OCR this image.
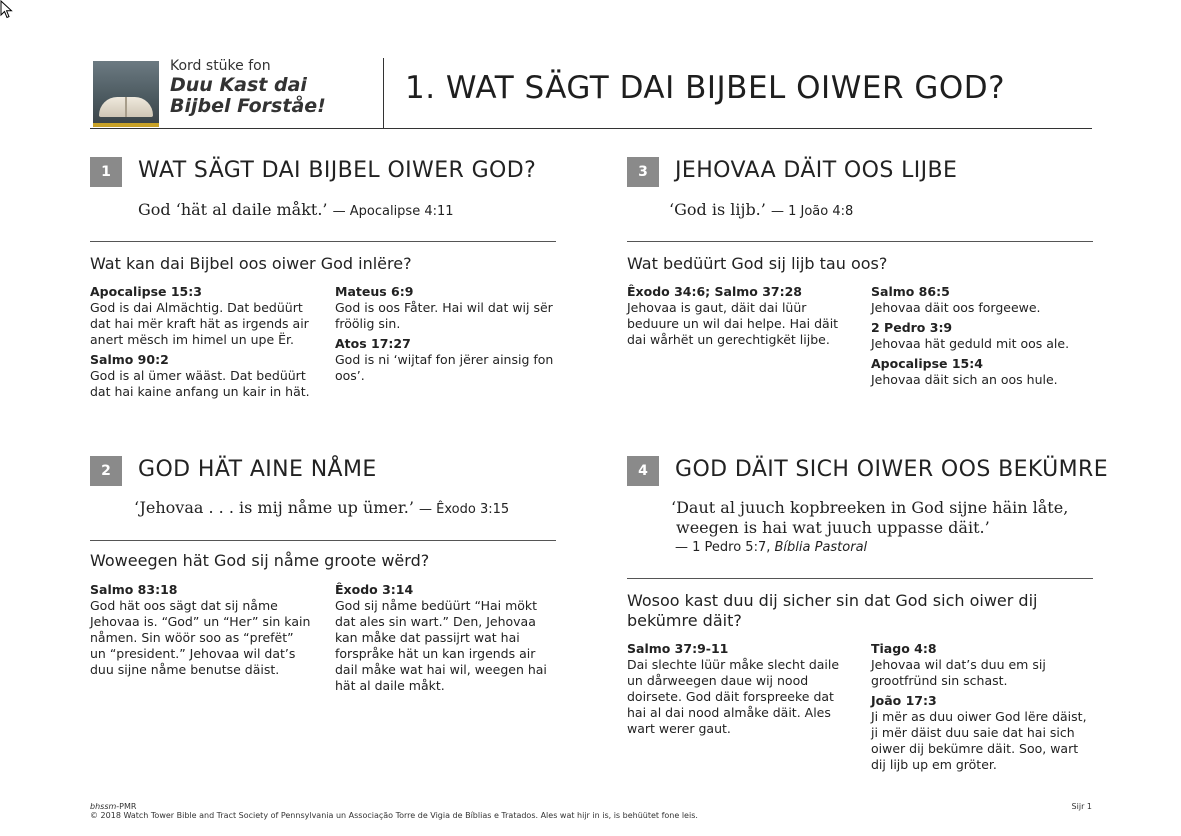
Kord stüke fon
Duu Kast dai Bijbel Forståe!	1. WAT SÄGT DAI BIJBEL OIWER GOD?
1	WAT SÄGT DAI BIJBEL OIWER GOD?
God ‘hät al daile måkt.’ — Apocalipse 4:11
Wat kan dai Bijbel oos oiwer God inlëre?
Apocalipse 15:3
God is dai Almächtig. Dat bedüürt dat hai mër kraft hät as irgends air anert mësch im himel un upe Ër.
Salmo 90:2
God is al ümer wääst. Dat bedüürt dat hai kaine anfang un kair in hät.
Mateus 6:9
God is oos Fåter. Hai wil dat wij sër fröölig sin.
Atos 17:27
God is ni ‘wijtaf fon jërer ainsig fon oos’.
2	GOD HÄT AINE NÅME
‘Jehovaa . . . is mij nåme up ümer.’ — Êxodo 3:15
Woweegen hät God sij nåme groote wërd?
Salmo 83:18
God hät oos sägt dat sij nåme Jehovaa is. “God” un “Her” sin kain nåmen. Sin wöör soo as “prefët” un “president.” Jehovaa wil dat’s duu sijne nåme benutse däist.
Êxodo 3:14
God sij nåme bedüürt “Hai mökt dat ales sin wart.” Den, Jehovaa kan måke dat passijrt wat hai forspråke hät un kan irgends air dail måke wat hai wil, weegen hai hät al daile måkt.
3	JEHOVAA DÄIT OOS LIJBE
‘God is lijb.’ — 1 João 4:8
Wat bedüürt God sij lijb tau oos?
Êxodo 34:6; Salmo 37:28
Jehovaa is gaut, däit dai lüür beduure un wil dai helpe. Hai däit dai wårhët un gerechtigkët lijbe.
Salmo 86:5
Jehovaa däit oos forgeewe.
2 Pedro 3:9
Jehovaa hät geduld mit oos ale.
Apocalipse 15:4
Jehovaa däit sich an oos hule.
4	GOD DÄIT SICH OIWER OOS BEKÜMRE
‘Daut al juuch kopbreeken in God sijne häin låte,
weegen is hai wat juuch uppasse däit.’
— 1 Pedro 5:7, Bíblia Pastoral
Wosoo kast duu dij sicher sin dat God sich oiwer dij bekümre däit?
Salmo 37:9-11
Dai slechte lüür måke slecht daile un dårweegen daue wij nood doirsete. God däit forspreeke dat hai al dai nood almåke däit. Ales wart werer gaut.
Tiago 4:8
Jehovaa wil dat’s duu em sij grootfründ sin schast.
João 17:3
Ji mër as duu oiwer God lëre däist, ji mër däist duu saie dat hai sich oiwer dij bekümre däit. Soo, wart dij lijb up em gröter.
bhssm-PMR
© 2018 Watch Tower Bible and Tract Society of Pennsylvania un Associação Torre de Vigia de Bíblias e Tratados. Ales wat hijr in is, is behüütet fone leis.
Sijr 1
